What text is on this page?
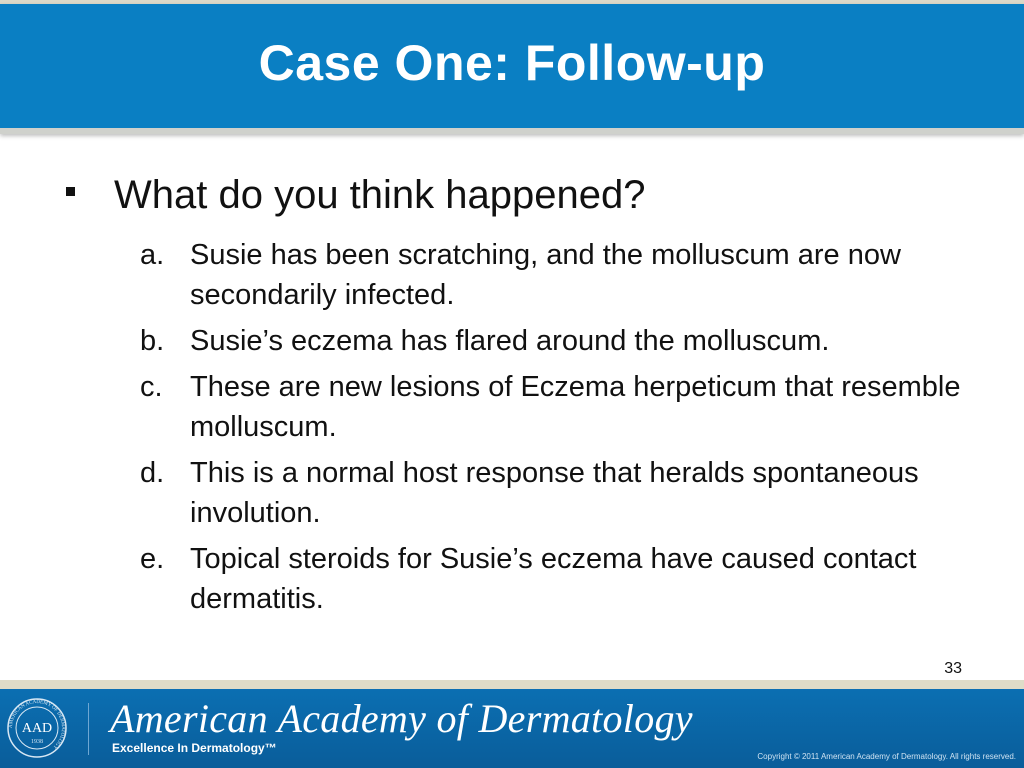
Case One: Follow-up
What do you think happened?
a. Susie has been scratching, and the molluscum are now secondarily infected.
b. Susie’s eczema has flared around the molluscum.
c. These are new lesions of Eczema herpeticum that resemble molluscum.
d. This is a normal host response that heralds spontaneous involution.
e. Topical steroids for Susie’s eczema have caused contact dermatitis.
33
AMERICAN ACADEMY OF DERMATOLOGY
AAD
1938
American Academy of Dermatology
Excellence In Dermatology™
Copyright © 2011 American Academy of Dermatology. All rights reserved.
